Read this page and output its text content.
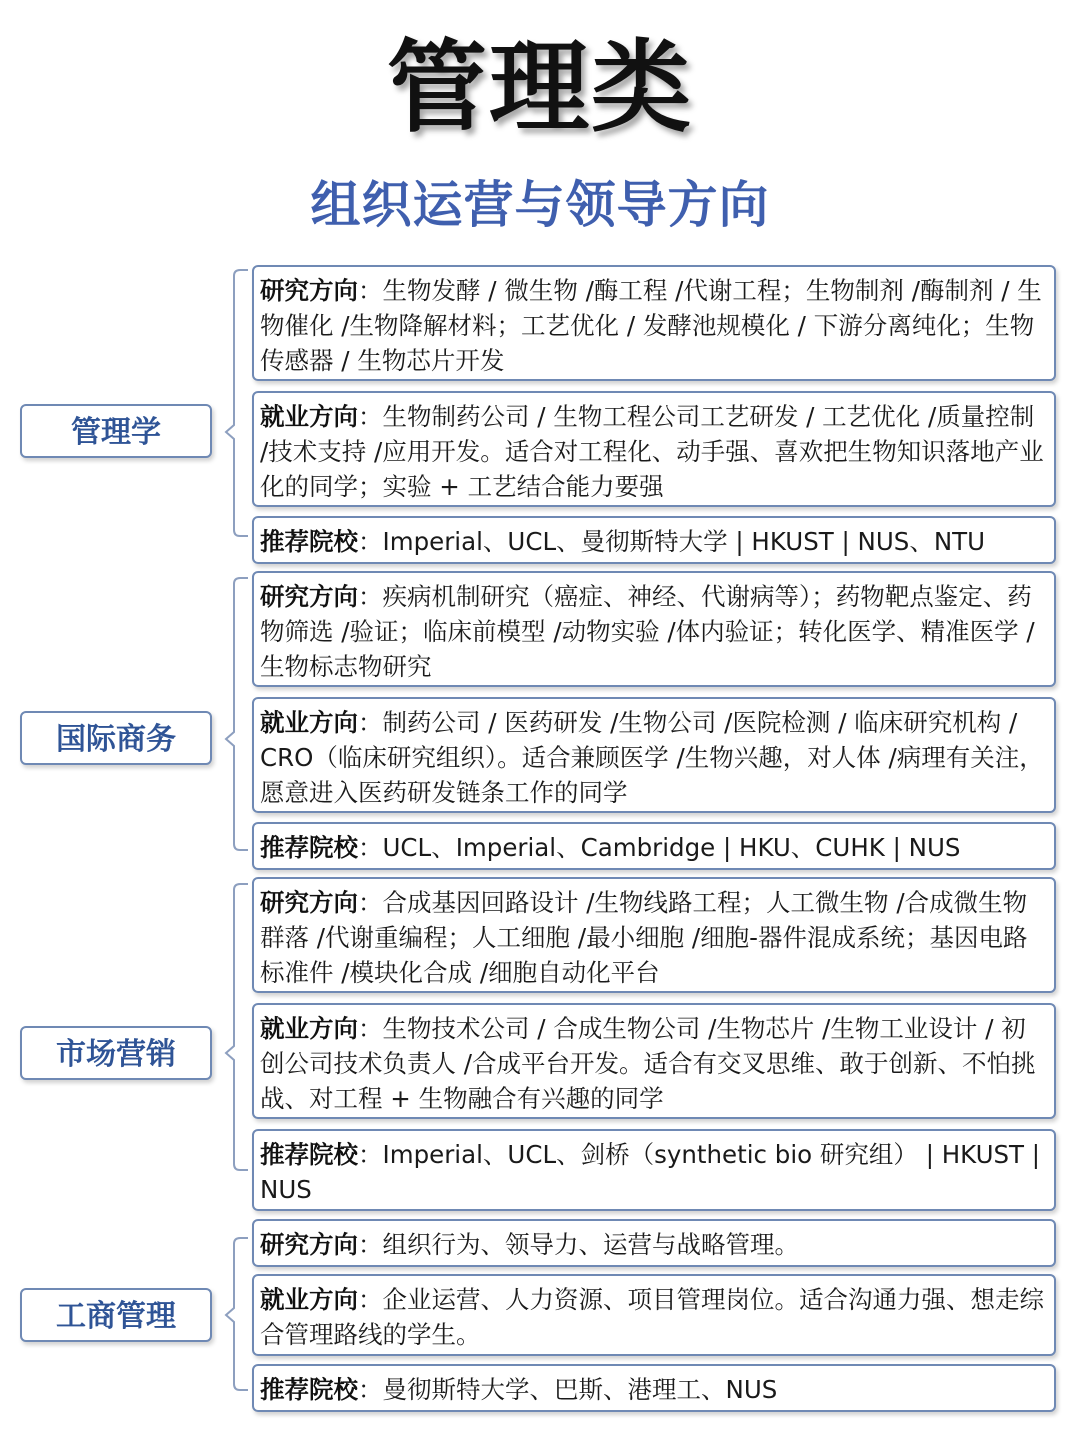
管理类
组织运营与领导方向
管理学
国际商务
市场营销
工商管理
研究方向：生物发酵 / 微生物 /酶工程 /代谢工程；生物制剂 /酶制剂 / 生物催化 /生物降解材料；工艺优化 / 发酵池规模化 / 下游分离纯化；生物传感器 / 生物芯片开发
就业方向：生物制药公司 / 生物工程公司工艺研发 / 工艺优化 /质量控制 /技术支持 /应用开发。适合对工程化、动手强、喜欢把生物知识落地产业化的同学；实验 + 工艺结合能力要强
推荐院校：Imperial、UCL、曼彻斯特大学 | HKUST | NUS、NTU
研究方向：疾病机制研究（癌症、神经、代谢病等）；药物靶点鉴定、药物筛选 /验证；临床前模型 /动物实验 /体内验证；转化医学、精准医学 /生物标志物研究
就业方向：制药公司 / 医药研发 /生物公司 /医院检测 / 临床研究机构 / CRO（临床研究组织）。适合兼顾医学 /生物兴趣，对人体 /病理有关注，愿意进入医药研发链条工作的同学
推荐院校：UCL、Imperial、Cambridge | HKU、CUHK | NUS
研究方向：合成基因回路设计 /生物线路工程；人工微生物 /合成微生物群落 /代谢重编程；人工细胞 /最小细胞 /细胞-器件混成系统；基因电路标准件 /模块化合成 /细胞自动化平台
就业方向：生物技术公司 / 合成生物公司 /生物芯片 /生物工业设计 / 初创公司技术负责人 /合成平台开发。适合有交叉思维、敢于创新、不怕挑战、对工程 + 生物融合有兴趣的同学
推荐院校：Imperial、UCL、剑桥（synthetic bio 研究组） | HKUST | NUS
研究方向：组织行为、领导力、运营与战略管理。
就业方向：企业运营、人力资源、项目管理岗位。适合沟通力强、想走综合管理路线的学生。
推荐院校：曼彻斯特大学、巴斯、港理工、NUS
